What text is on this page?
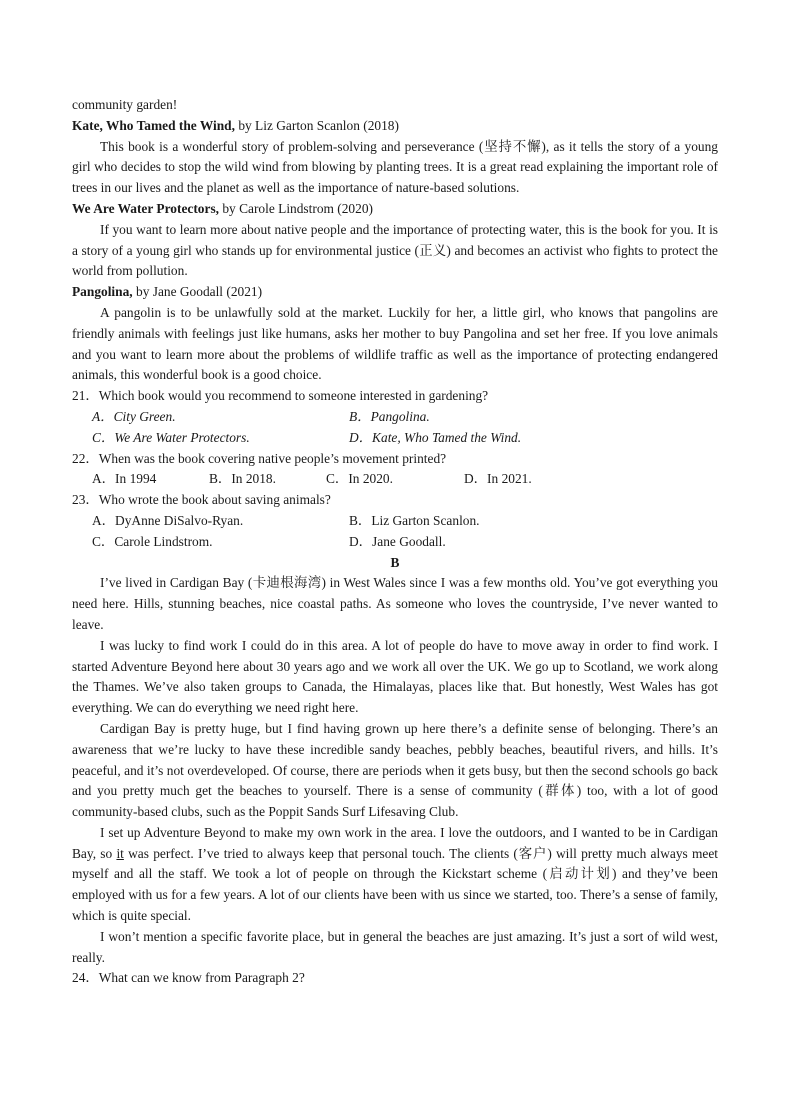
community garden!
Kate, Who Tamed the Wind, by Liz Garton Scanlon (2018)

This book is a wonderful story of problem-solving and perseverance (坚持不懈), as it tells the story of a young girl who decides to stop the wild wind from blowing by planting trees. It is a great read explaining the important role of trees in our lives and the planet as well as the importance of nature-based solutions.

We Are Water Protectors, by Carole Lindstrom (2020)

If you want to learn more about native people and the importance of protecting water, this is the book for you. It is a story of a young girl who stands up for environmental justice (正义) and becomes an activist who fights to protect the world from pollution.

Pangolina, by Jane Goodall (2021)

A pangolin is to be unlawfully sold at the market. Luckily for her, a little girl, who knows that pangolins are friendly animals with feelings just like humans, asks her mother to buy Pangolina and set her free. If you love animals and you want to learn more about the problems of wildlife traffic as well as the importance of protecting endangered animals, this wonderful book is a good choice.

21．Which book would you recommend to someone interested in gardening?

A．City Green.	B．Pangolina.
C．We Are Water Protectors.	D．Kate, Who Tamed the Wind.

22．When was the book covering native people’s movement printed?

A．In 1994	B．In 2018.	C．In 2020.	D．In 2021.

23．Who wrote the book about saving animals?

A．DyAnne DiSalvo-Ryan.	B．Liz Garton Scanlon.
C．Carole Lindstrom.	D．Jane Goodall.
B

I’ve lived in Cardigan Bay (卡迪根海湾) in West Wales since I was a few months old. You’ve got everything you need here. Hills, stunning beaches, nice coastal paths. As someone who loves the countryside, I’ve never wanted to leave.

I was lucky to find work I could do in this area. A lot of people do have to move away in order to find work. I started Adventure Beyond here about 30 years ago and we work all over the UK. We go up to Scotland, we work along the Thames. We’ve also taken groups to Canada, the Himalayas, places like that. But honestly, West Wales has got everything. We can do everything we need right here.

Cardigan Bay is pretty huge, but I find having grown up here there’s a definite sense of belonging. There’s an awareness that we’re lucky to have these incredible sandy beaches, pebbly beaches, beautiful rivers, and hills. It’s peaceful, and it’s not overdeveloped. Of course, there are periods when it gets busy, but then the second schools go back and you pretty much get the beaches to yourself. There is a sense of community (群体) too, with a lot of good community-based clubs, such as the Poppit Sands Surf Lifesaving Club.

I set up Adventure Beyond to make my own work in the area. I love the outdoors, and I wanted to be in Cardigan Bay, so it was perfect. I’ve tried to always keep that personal touch. The clients (客户) will pretty much always meet myself and all the staff. We took a lot of people on through the Kickstart scheme (启动计划) and they’ve been employed with us for a few years. A lot of our clients have been with us since we started, too. There’s a sense of family, which is quite special.

I won’t mention a specific favorite place, but in general the beaches are just amazing. It’s just a sort of wild west, really.

24．What can we know from Paragraph 2?
